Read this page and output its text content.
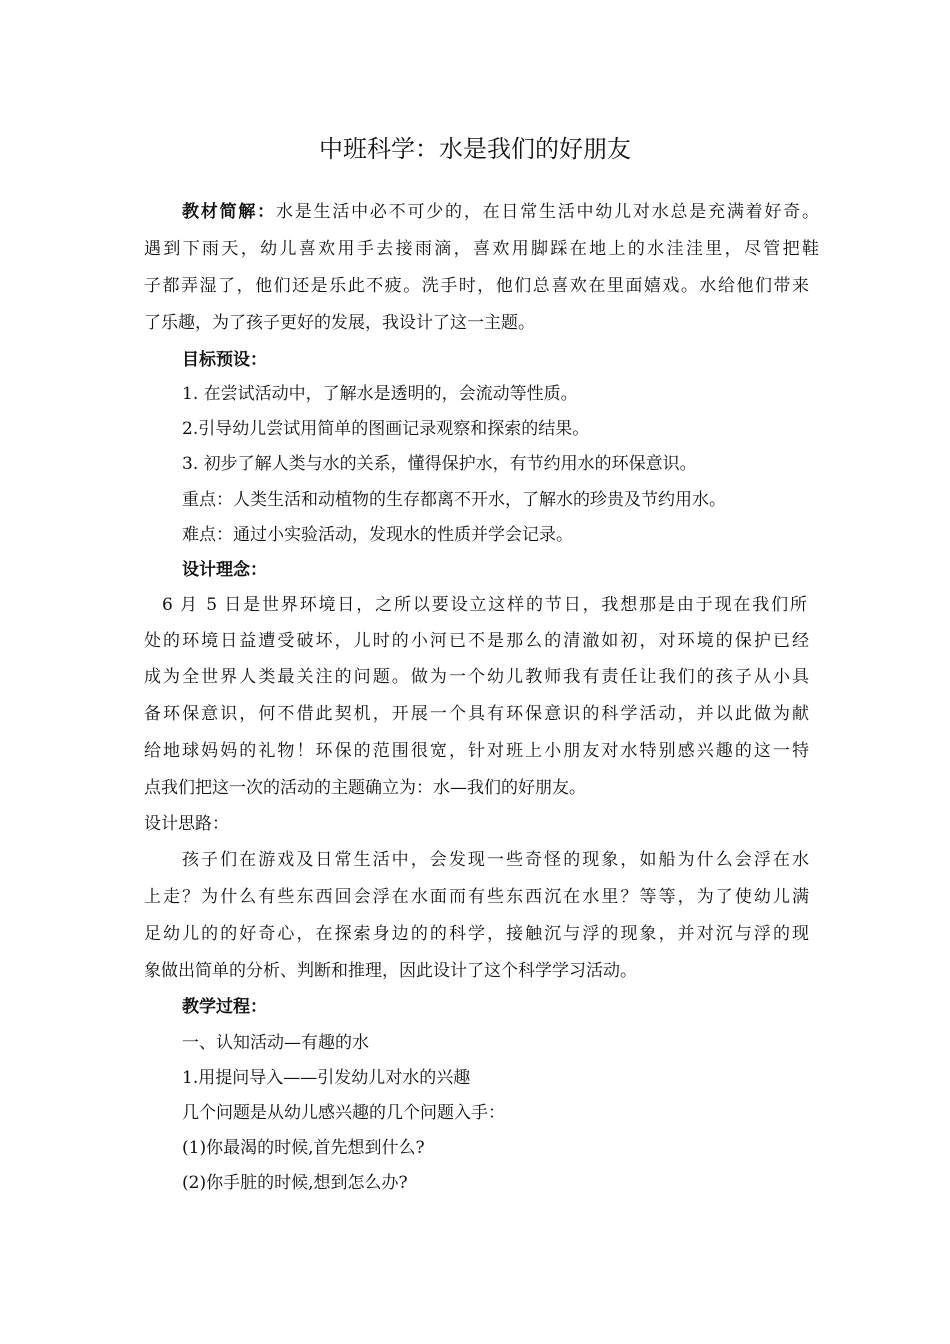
中班科学：水是我们的好朋友
教材简解：水是生活中必不可少的，在日常生活中幼儿对水总是充满着好奇。
遇到下雨天，幼儿喜欢用手去接雨滴，喜欢用脚踩在地上的水洼洼里，尽管把鞋
子都弄湿了，他们还是乐此不疲。洗手时，他们总喜欢在里面嬉戏。水给他们带来
了乐趣，为了孩子更好的发展，我设计了这一主题。
目标预设：
1. 在尝试活动中，了解水是透明的，会流动等性质。
2.引导幼儿尝试用简单的图画记录观察和探索的结果。
3. 初步了解人类与水的关系，懂得保护水，有节约用水的环保意识。
重点：人类生活和动植物的生存都离不开水，了解水的珍贵及节约用水。
难点：通过小实验活动，发现水的性质并学会记录。
设计理念：
6 月 5 日是世界环境日，之所以要设立这样的节日，我想那是由于现在我们所
处的环境日益遭受破坏，儿时的小河已不是那么的清澈如初，对环境的保护已经
成为全世界人类最关注的问题。做为一个幼儿教师我有责任让我们的孩子从小具
备环保意识，何不借此契机，开展一个具有环保意识的科学活动，并以此做为献
给地球妈妈的礼物！环保的范围很宽，针对班上小朋友对水特别感兴趣的这一特
点我们把这一次的活动的主题确立为：水—我们的好朋友。
设计思路：
孩子们在游戏及日常生活中，会发现一些奇怪的现象，如船为什么会浮在水
上走？为什么有些东西回会浮在水面而有些东西沉在水里？等等，为了使幼儿满
足幼儿的的好奇心，在探索身边的的科学，接触沉与浮的现象，并对沉与浮的现
象做出简单的分析、判断和推理，因此设计了这个科学学习活动。
教学过程：
一、认知活动—有趣的水
1.用提问导入——引发幼儿对水的兴趣
几个问题是从幼儿感兴趣的几个问题入手：
(1)你最渴的时候,首先想到什么?
(2)你手脏的时候,想到怎么办?
